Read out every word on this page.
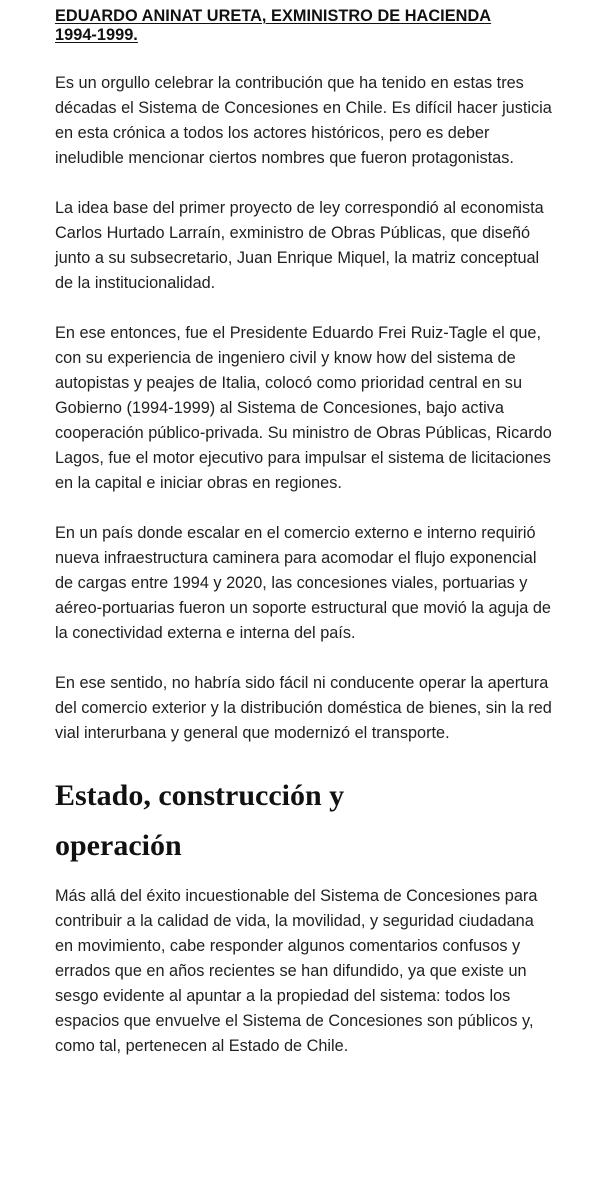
EDUARDO ANINAT URETA, EXMINISTRO DE HACIENDA 1994-1999.

Es un orgullo celebrar la contribución que ha tenido en estas tres décadas el Sistema de Concesiones en Chile. Es difícil hacer justicia en esta crónica a todos los actores históricos, pero es deber ineludible mencionar ciertos nombres que fueron protagonistas.

La idea base del primer proyecto de ley correspondió al economista Carlos Hurtado Larraín, exministro de Obras Públicas, que diseñó junto a su subsecretario, Juan Enrique Miquel, la matriz conceptual de la institucionalidad.

En ese entonces, fue el Presidente Eduardo Frei Ruiz-Tagle el que, con su experiencia de ingeniero civil y know how del sistema de autopistas y peajes de Italia, colocó como prioridad central en su Gobierno (1994-1999) al Sistema de Concesiones, bajo activa cooperación público-privada. Su ministro de Obras Públicas, Ricardo Lagos, fue el motor ejecutivo para impulsar el sistema de licitaciones en la capital e iniciar obras en regiones.

En un país donde escalar en el comercio externo e interno requirió nueva infraestructura caminera para acomodar el flujo exponencial de cargas entre 1994 y 2020, las concesiones viales, portuarias y aéreo-portuarias fueron un soporte estructural que movió la aguja de la conectividad externa e interna del país.

En ese sentido, no habría sido fácil ni conducente operar la apertura del comercio exterior y la distribución doméstica de bienes, sin la red vial interurbana y general que modernizó el transporte.

Estado, construcción y operación

Más allá del éxito incuestionable del Sistema de Concesiones para contribuir a la calidad de vida, la movilidad, y seguridad ciudadana en movimiento, cabe responder algunos comentarios confusos y errados que en años recientes se han difundido, ya que existe un sesgo evidente al apuntar a la propiedad del sistema: todos los espacios que envuelve el Sistema de Concesiones son públicos y, como tal, pertenecen al Estado de Chile.
